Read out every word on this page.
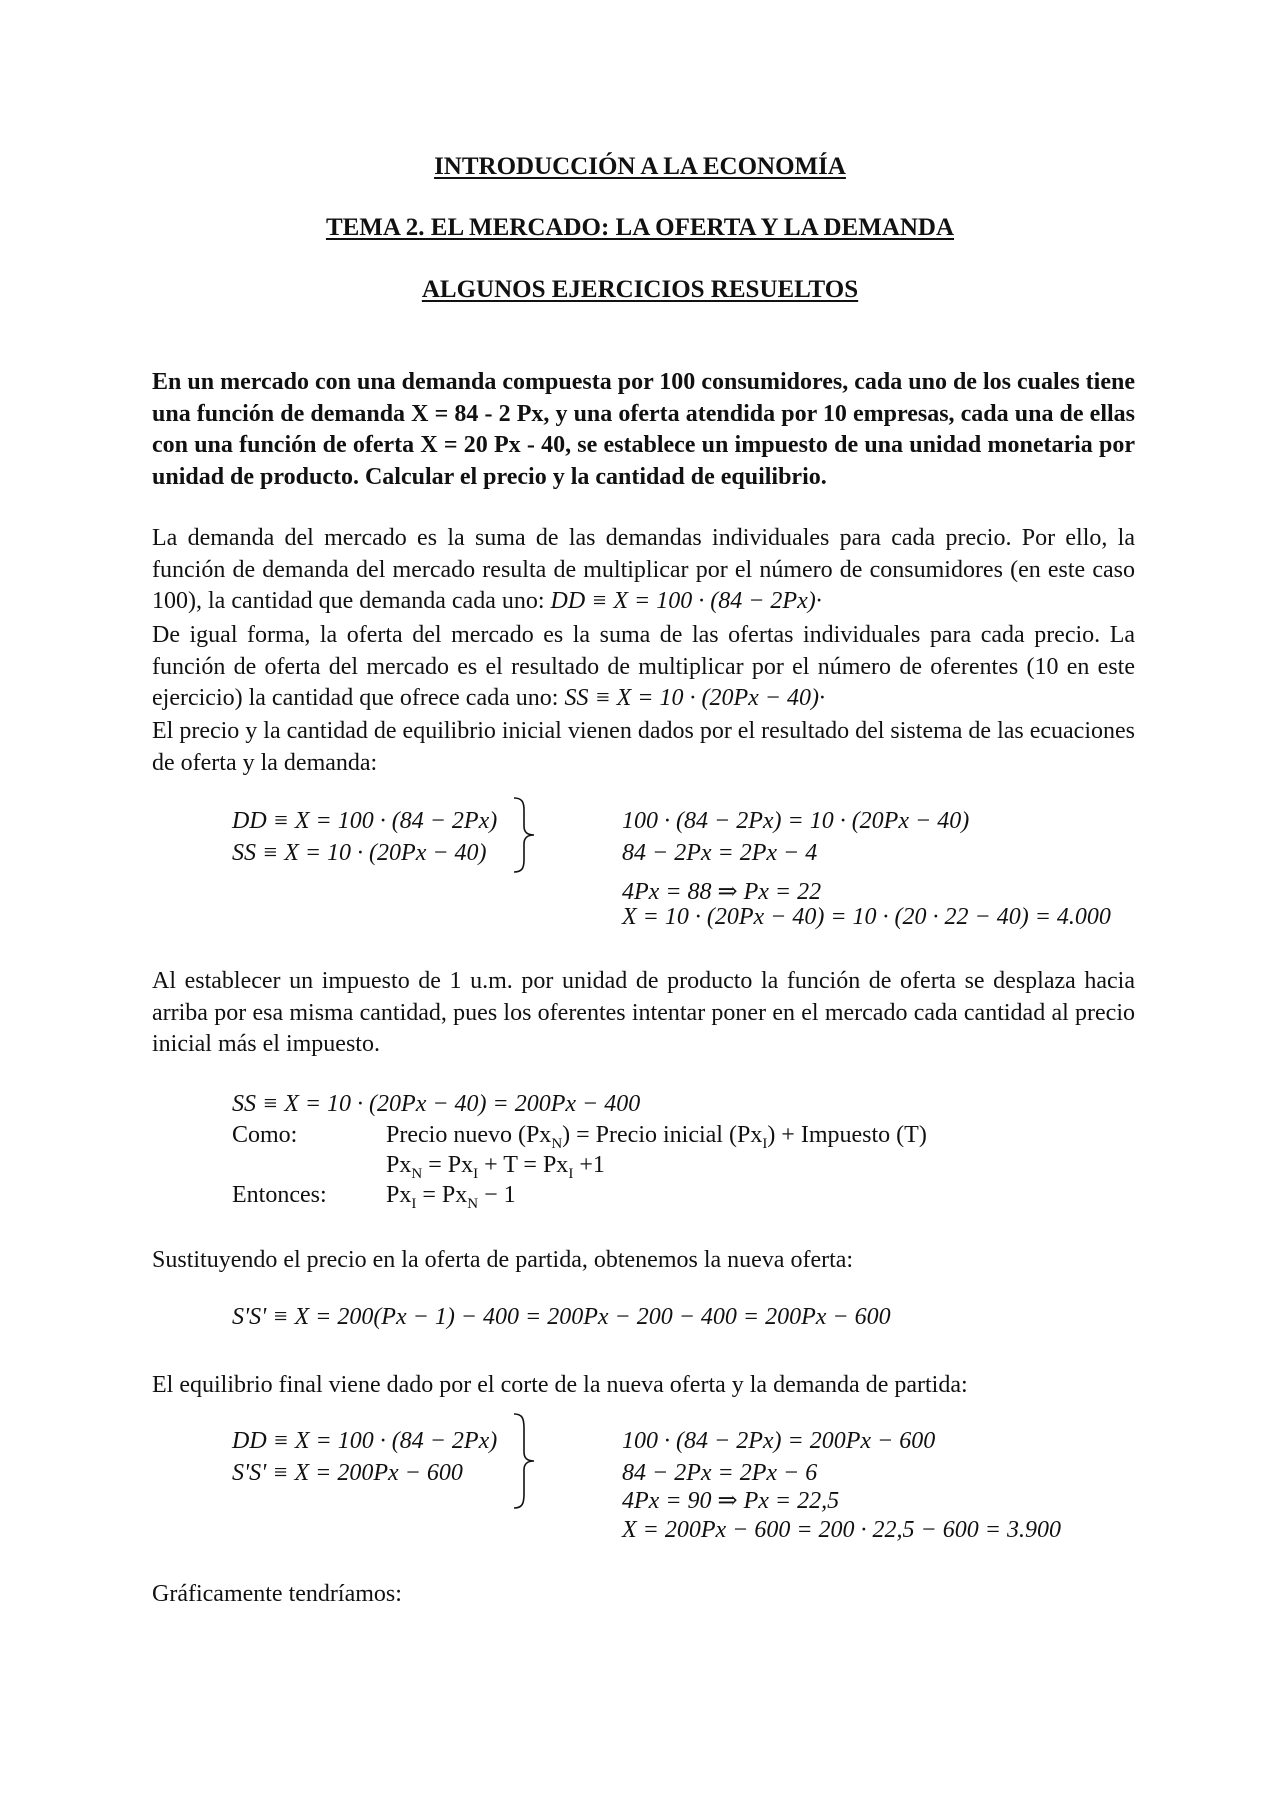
INTRODUCCIÓN A LA ECONOMÍA
TEMA 2. EL MERCADO: LA OFERTA Y LA DEMANDA
ALGUNOS EJERCICIOS RESUELTOS
En un mercado con una demanda compuesta por 100 consumidores, cada uno de los cuales tiene una función de demanda X = 84 - 2 Px, y una oferta atendida por 10 empresas, cada una de ellas con una función de oferta X = 20 Px - 40, se establece un impuesto de una unidad monetaria por unidad de producto. Calcular el precio y la cantidad de equilibrio.
La demanda del mercado es la suma de las demandas individuales para cada precio. Por ello, la función de demanda del mercado resulta de multiplicar por el número de consumidores (en este caso 100), la cantidad que demanda cada uno: DD ≡ X = 100 · (84 − 2Px)·
De igual forma, la oferta del mercado es la suma de las ofertas individuales para cada precio. La función de oferta del mercado es el resultado de multiplicar por el número de oferentes (10 en este ejercicio) la cantidad que ofrece cada uno: SS ≡ X = 10 · (20Px − 40)·
El precio y la cantidad de equilibrio inicial vienen dados por el resultado del sistema de las ecuaciones de oferta y la demanda:
DD ≡ X = 100 · (84 − 2Px)
SS ≡ X = 10 · (20Px − 40)
100 · (84 − 2Px) = 10 · (20Px − 40)
84 − 2Px = 2Px − 4
4Px = 88 ⇒ Px = 22
X = 10 · (20Px − 40) = 10 · (20 · 22 − 40) = 4.000
Al establecer un impuesto de 1 u.m. por unidad de producto la función de oferta se desplaza hacia arriba por esa misma cantidad, pues los oferentes intentar poner en el mercado cada cantidad al precio inicial más el impuesto.
SS ≡ X = 10 · (20Px − 40) = 200Px − 400
Como:	Precio nuevo $(Px_N)$ = Precio inicial $(Px_I)$ + Impuesto (T)
$Px_N = Px_I + T = Px_I +1$
Entonces: $Px_I = Px_N - 1$
Sustituyendo el precio en la oferta de partida, obtenemos la nueva oferta:
S'S' ≡ X = 200(Px − 1) − 400 = 200Px − 200 − 400 = 200Px − 600
El equilibrio final viene dado por el corte de la nueva oferta y la demanda de partida:
DD ≡ X = 100 · (84 − 2Px)
S'S' ≡ X = 200Px − 600
100 · (84 − 2Px) = 200Px − 600
84 − 2Px = 2Px − 6
4Px = 90 ⇒ Px = 22,5
X = 200Px − 600 = 200 · 22,5 − 600 = 3.900
Gráficamente tendríamos:
